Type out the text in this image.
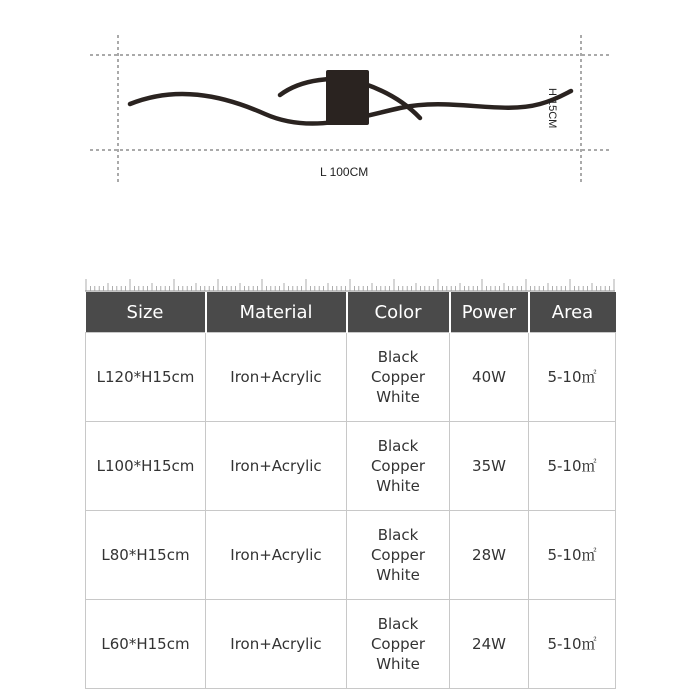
L 100CM
H 15CM
Size	Material	Color	Power	Area
L120*H15cm	Iron+Acrylic	Black
Copper
White	40W	5-10㎡
L100*H15cm	Iron+Acrylic	Black
Copper
White	35W	5-10㎡
L80*H15cm	Iron+Acrylic	Black
Copper
White	28W	5-10㎡
L60*H15cm	Iron+Acrylic	Black
Copper
White	24W	5-10㎡
